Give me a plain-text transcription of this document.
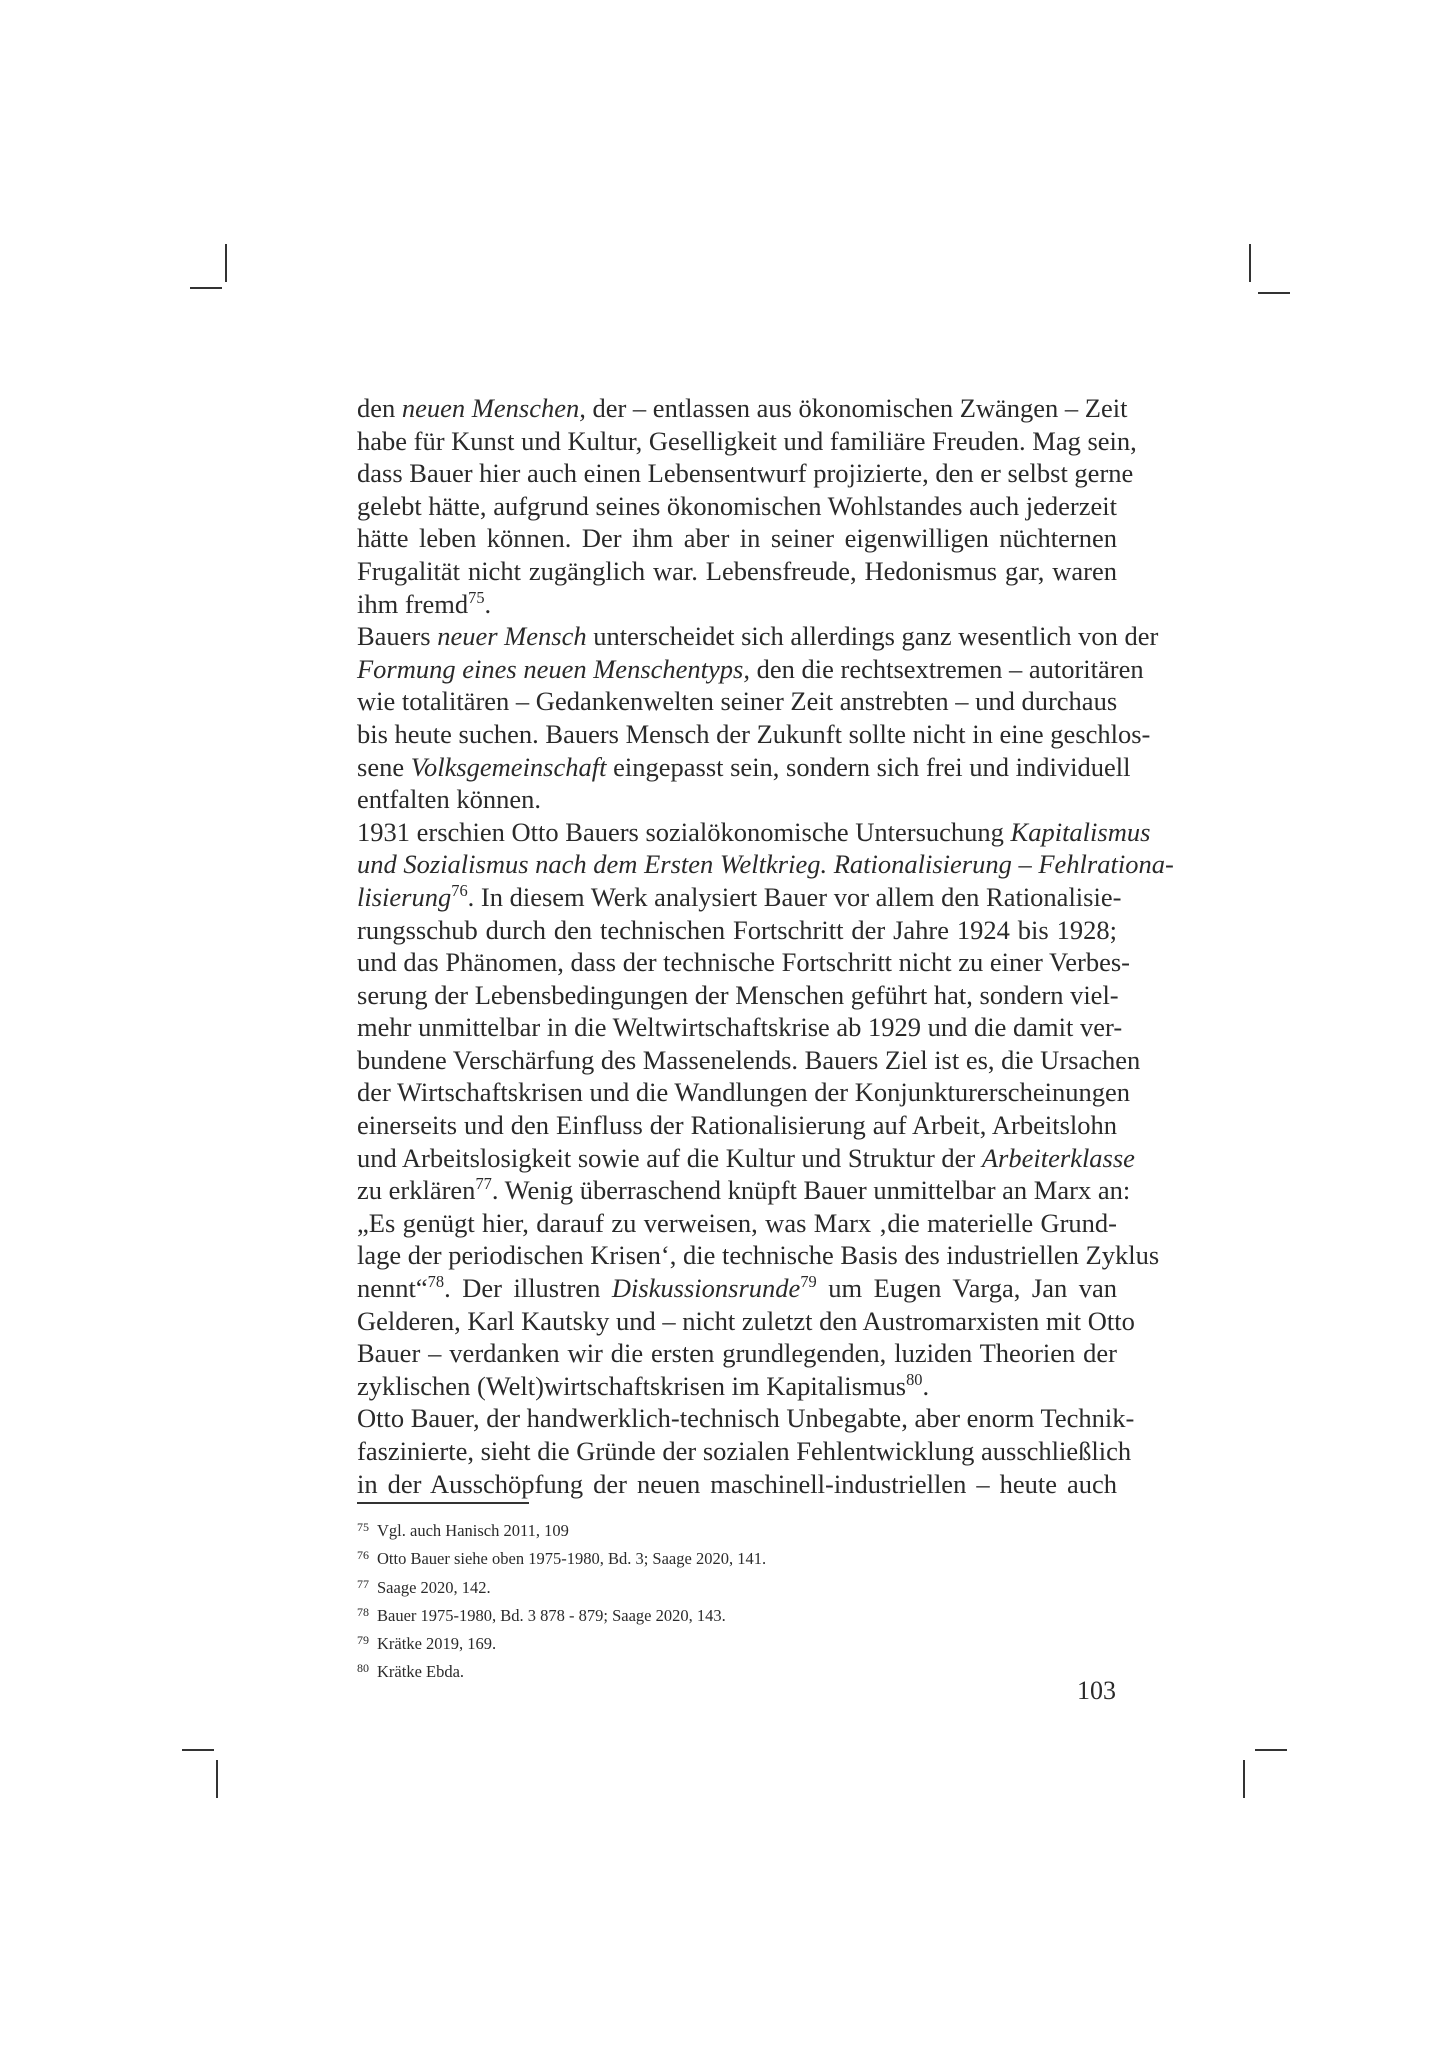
den neuen Menschen, der – entlassen aus ökonomischen Zwängen – Zeit
habe für Kunst und Kultur, Geselligkeit und familiäre Freuden. Mag sein,
dass Bauer hier auch einen Lebensentwurf projizierte, den er selbst gerne
gelebt hätte, aufgrund seines ökonomischen Wohlstandes auch jederzeit
hätte leben können. Der ihm aber in seiner eigenwilligen nüchternen
Frugalität nicht zugänglich war. Lebensfreude, Hedonismus gar, waren
ihm fremd$^{75}$.
Bauers neuer Mensch unterscheidet sich allerdings ganz wesentlich von der
Formung eines neuen Menschentyps, den die rechtsextremen – autoritären
wie totalitären – Gedankenwelten seiner Zeit anstrebten – und durchaus
bis heute suchen. Bauers Mensch der Zukunft sollte nicht in eine geschlos-
sene Volksgemeinschaft eingepasst sein, sondern sich frei und individuell
entfalten können.
1931 erschien Otto Bauers sozialökonomische Untersuchung Kapitalismus
und Sozialismus nach dem Ersten Weltkrieg. Rationalisierung – Fehlrationa-
lisierung$^{76}$. In diesem Werk analysiert Bauer vor allem den Rationalisie-
rungsschub durch den technischen Fortschritt der Jahre 1924 bis 1928;
und das Phänomen, dass der technische Fortschritt nicht zu einer Verbes-
serung der Lebensbedingungen der Menschen geführt hat, sondern viel-
mehr unmittelbar in die Weltwirtschaftskrise ab 1929 und die damit ver-
bundene Verschärfung des Massenelends. Bauers Ziel ist es, die Ursachen
der Wirtschaftskrisen und die Wandlungen der Konjunkturerscheinungen
einerseits und den Einfluss der Rationalisierung auf Arbeit, Arbeitslohn
und Arbeitslosigkeit sowie auf die Kultur und Struktur der Arbeiterklasse
zu erklären$^{77}$. Wenig überraschend knüpft Bauer unmittelbar an Marx an:
„Es genügt hier, darauf zu verweisen, was Marx ‚die materielle Grund-
lage der periodischen Krisen‘, die technische Basis des industriellen Zyklus
nennt“$^{78}$. Der illustren Diskussionsrunde$^{79}$ um Eugen Varga, Jan van
Gelderen, Karl Kautsky und – nicht zuletzt den Austromarxisten mit Otto
Bauer – verdanken wir die ersten grundlegenden, luziden Theorien der
zyklischen (Welt)wirtschaftskrisen im Kapitalismus$^{80}$.
Otto Bauer, der handwerklich-technisch Unbegabte, aber enorm Technik-
faszinierte, sieht die Gründe der sozialen Fehlentwicklung ausschließlich
in der Ausschöpfung der neuen maschinell-industriellen – heute auch
75 Vgl. auch Hanisch 2011, 109
76 Otto Bauer siehe oben 1975-1980, Bd. 3; Saage 2020, 141.
77 Saage 2020, 142.
78 Bauer 1975-1980, Bd. 3 878 - 879; Saage 2020, 143.
79 Krätke 2019, 169.
80 Krätke Ebda.
103
